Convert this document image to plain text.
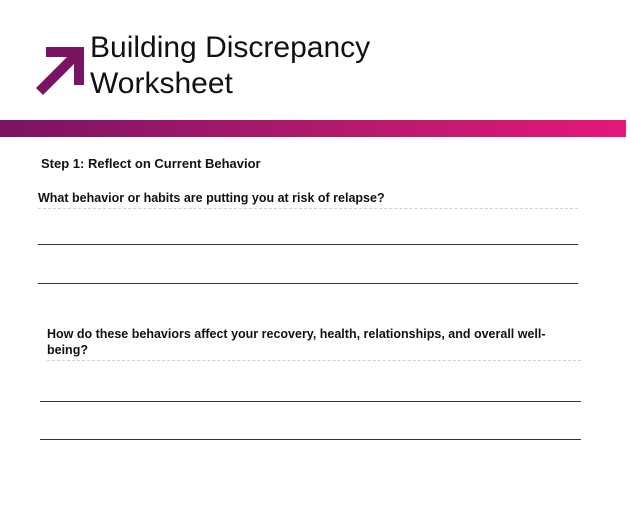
Building Discrepancy
Worksheet
Step 1: Reflect on Current Behavior

What behavior or habits are putting you at risk of relapse?

How do these behaviors affect your recovery, health, relationships, and overall well-being?
